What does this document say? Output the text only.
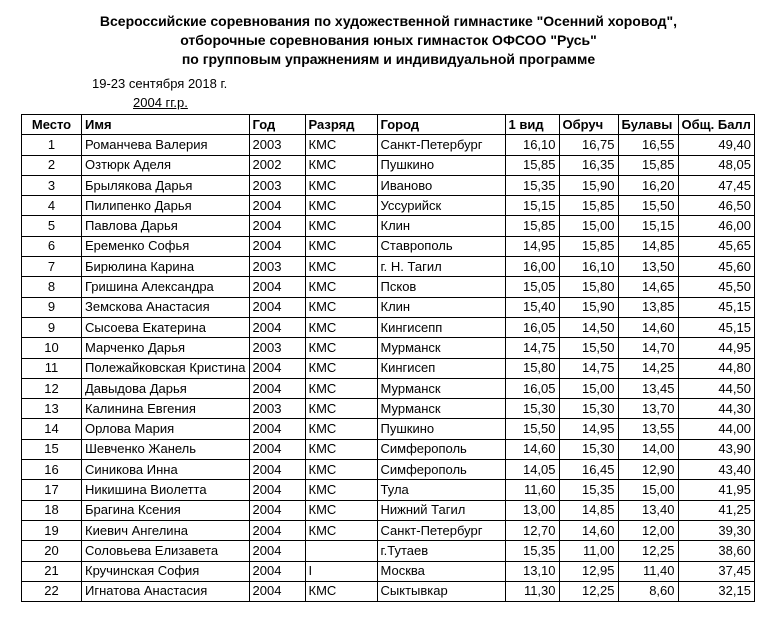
Всероссийские соревнования по художественной гимнастике "Осенний хоровод",
отборочные соревнования юных гимнасток ОФСОО "Русь"
по групповым упражнениям и индивидуальной программе
19-23 сентября 2018 г.
2004 гг.р.
Место	Имя	Год	Разряд	Город	1 вид	Обруч	Булавы	Общ. Балл
1	Романчева Валерия	2003	КМС	Санкт-Петербург	16,10	16,75	16,55	49,40
2	Озтюрк Аделя	2002	КМС	Пушкино	15,85	16,35	15,85	48,05
3	Брылякова Дарья	2003	КМС	Иваново	15,35	15,90	16,20	47,45
4	Пилипенко Дарья	2004	КМС	Уссурийск	15,15	15,85	15,50	46,50
5	Павлова Дарья	2004	КМС	Клин	15,85	15,00	15,15	46,00
6	Еременко Софья	2004	КМС	Ставрополь	14,95	15,85	14,85	45,65
7	Бирюлина Карина	2003	КМС	г. Н. Тагил	16,00	16,10	13,50	45,60
8	Гришина Александра	2004	КМС	Псков	15,05	15,80	14,65	45,50
9	Земскова Анастасия	2004	КМС	Клин	15,40	15,90	13,85	45,15
9	Сысоева Екатерина	2004	КМС	Кингисепп	16,05	14,50	14,60	45,15
10	Марченко Дарья	2003	КМС	Мурманск	14,75	15,50	14,70	44,95
11	Полежайковская Кристина	2004	КМС	Кингисеп	15,80	14,75	14,25	44,80
12	Давыдова Дарья	2004	КМС	Мурманск	16,05	15,00	13,45	44,50
13	Калинина Евгения	2003	КМС	Мурманск	15,30	15,30	13,70	44,30
14	Орлова Мария	2004	КМС	Пушкино	15,50	14,95	13,55	44,00
15	Шевченко Жанель	2004	КМС	Симферополь	14,60	15,30	14,00	43,90
16	Синикова Инна	2004	КМС	Симферополь	14,05	16,45	12,90	43,40
17	Никишина Виолетта	2004	КМС	Тула	11,60	15,35	15,00	41,95
18	Брагина Ксения	2004	КМС	Нижний Тагил	13,00	14,85	13,40	41,25
19	Киевич Ангелина	2004	КМС	Санкт-Петербург	12,70	14,60	12,00	39,30
20	Соловьева Елизавета	2004		г.Тутаев	15,35	11,00	12,25	38,60
21	Кручинская София	2004	I	Москва	13,10	12,95	11,40	37,45
22	Игнатова Анастасия	2004	КМС	Сыктывкар	11,30	12,25	8,60	32,15
